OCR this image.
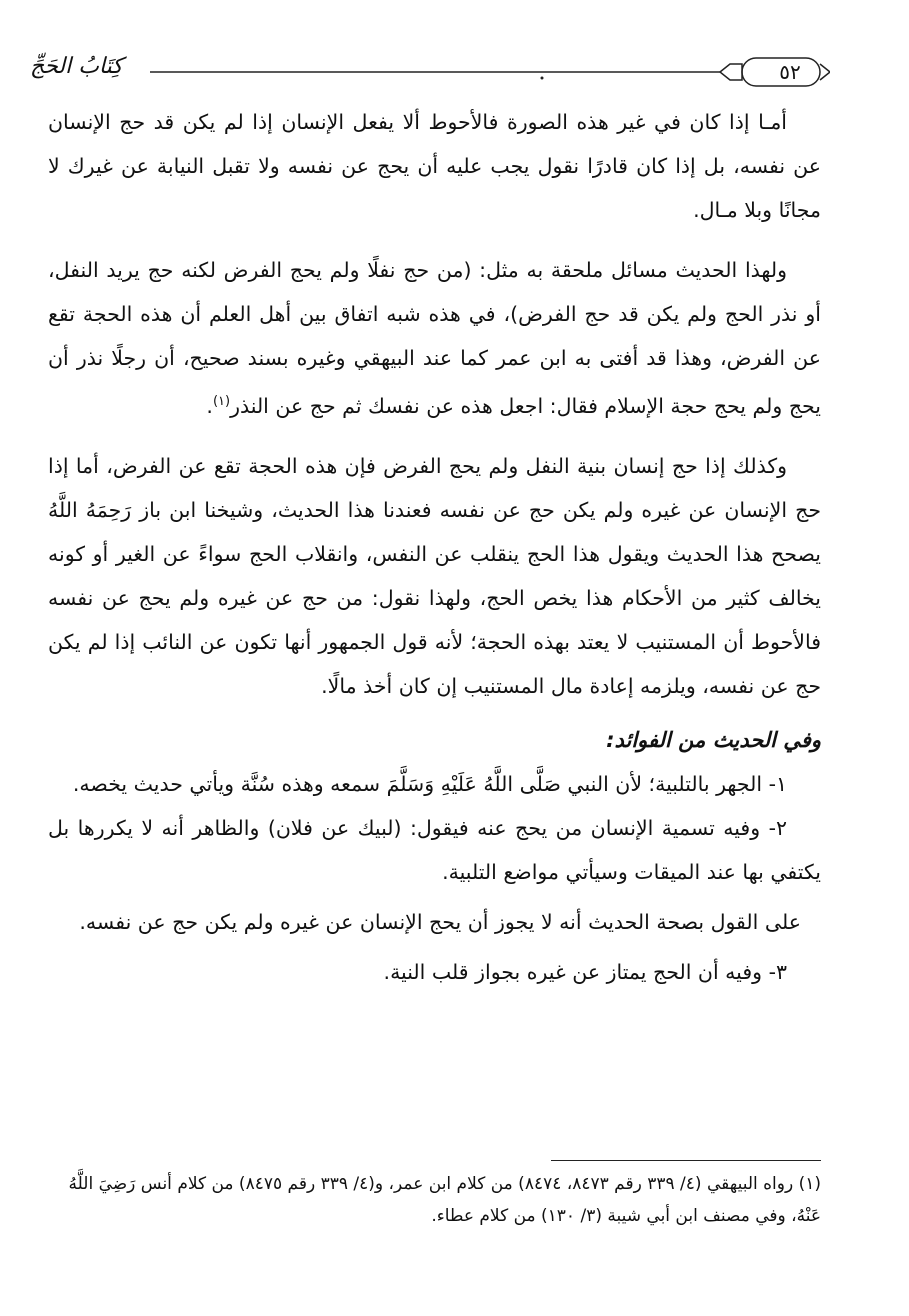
٥٢
كِتَابُ الحَجِّ

أمـا إذا كان في غير هذه الصورة فالأحوط ألا يفعل الإنسان إذا لم يكن قد حج الإنسان عن نفسه، بل إذا كان قادرًا نقول يجب عليه أن يحج عن نفسه ولا تقبل النيابة عن غيرك لا مجانًا وبلا مـال.

ولهذا الحديث مسائل ملحقة به مثل: (من حج نفلًا ولم يحج الفرض لكنه حج يريد النفل، أو نذر الحج ولم يكن قد حج الفرض)، في هذه شبه اتفاق بين أهل العلم أن هذه الحجة تقع عن الفرض، وهذا قد أفتى به ابن عمر كما عند البيهقي وغيره بسند صحيح، أن رجلًا نذر أن يحج ولم يحج حجة الإسلام فقال: اجعل هذه عن نفسك ثم حج عن النذر$^{(١)}$.

وكذلك إذا حج إنسان بنية النفل ولم يحج الفرض فإن هذه الحجة تقع عن الفرض، أما إذا حج الإنسان عن غيره ولم يكن حج عن نفسه فعندنا هذا الحديث، وشيخنا ابن باز رَحِمَهُ اللَّهُ يصحح هذا الحديث ويقول هذا الحج ينقلب عن النفس، وانقلاب الحج سواءً عن الغير أو كونه يخالف كثير من الأحكام هذا يخص الحج، ولهذا نقول: من حج عن غيره ولم يحج عن نفسه فالأحوط أن المستنيب لا يعتد بهذه الحجة؛ لأنه قول الجمهور أنها تكون عن النائب إذا لم يكن حج عن نفسه، ويلزمه إعادة مال المستنيب إن كان أخذ مالًا.

وفي الحديث من الفوائد:

١- الجهر بالتلبية؛ لأن النبي صَلَّى اللَّهُ عَلَيْهِ وَسَلَّمَ سمعه وهذه سُنَّة ويأتي حديث يخصه.

٢- وفيه تسمية الإنسان من يحج عنه فيقول: (لبيك عن فلان) والظاهر أنه لا يكررها بل يكتفي بها عند الميقات وسيأتي مواضع التلبية.

على القول بصحة الحديث أنه لا يجوز أن يحج الإنسان عن غيره ولم يكن حج عن نفسه.

٣- وفيه أن الحج يمتاز عن غيره بجواز قلب النية.

(١) رواه البيهقي (٤/ ٣٣٩ رقم ٨٤٧٣، ٨٤٧٤) من كلام ابن عمر، و(٤/ ٣٣٩ رقم ٨٤٧٥) من كلام أنس رَضِيَ اللَّهُ عَنْهُ، وفي مصنف ابن أبي شيبة (٣/ ١٣٠) من كلام عطاء.
